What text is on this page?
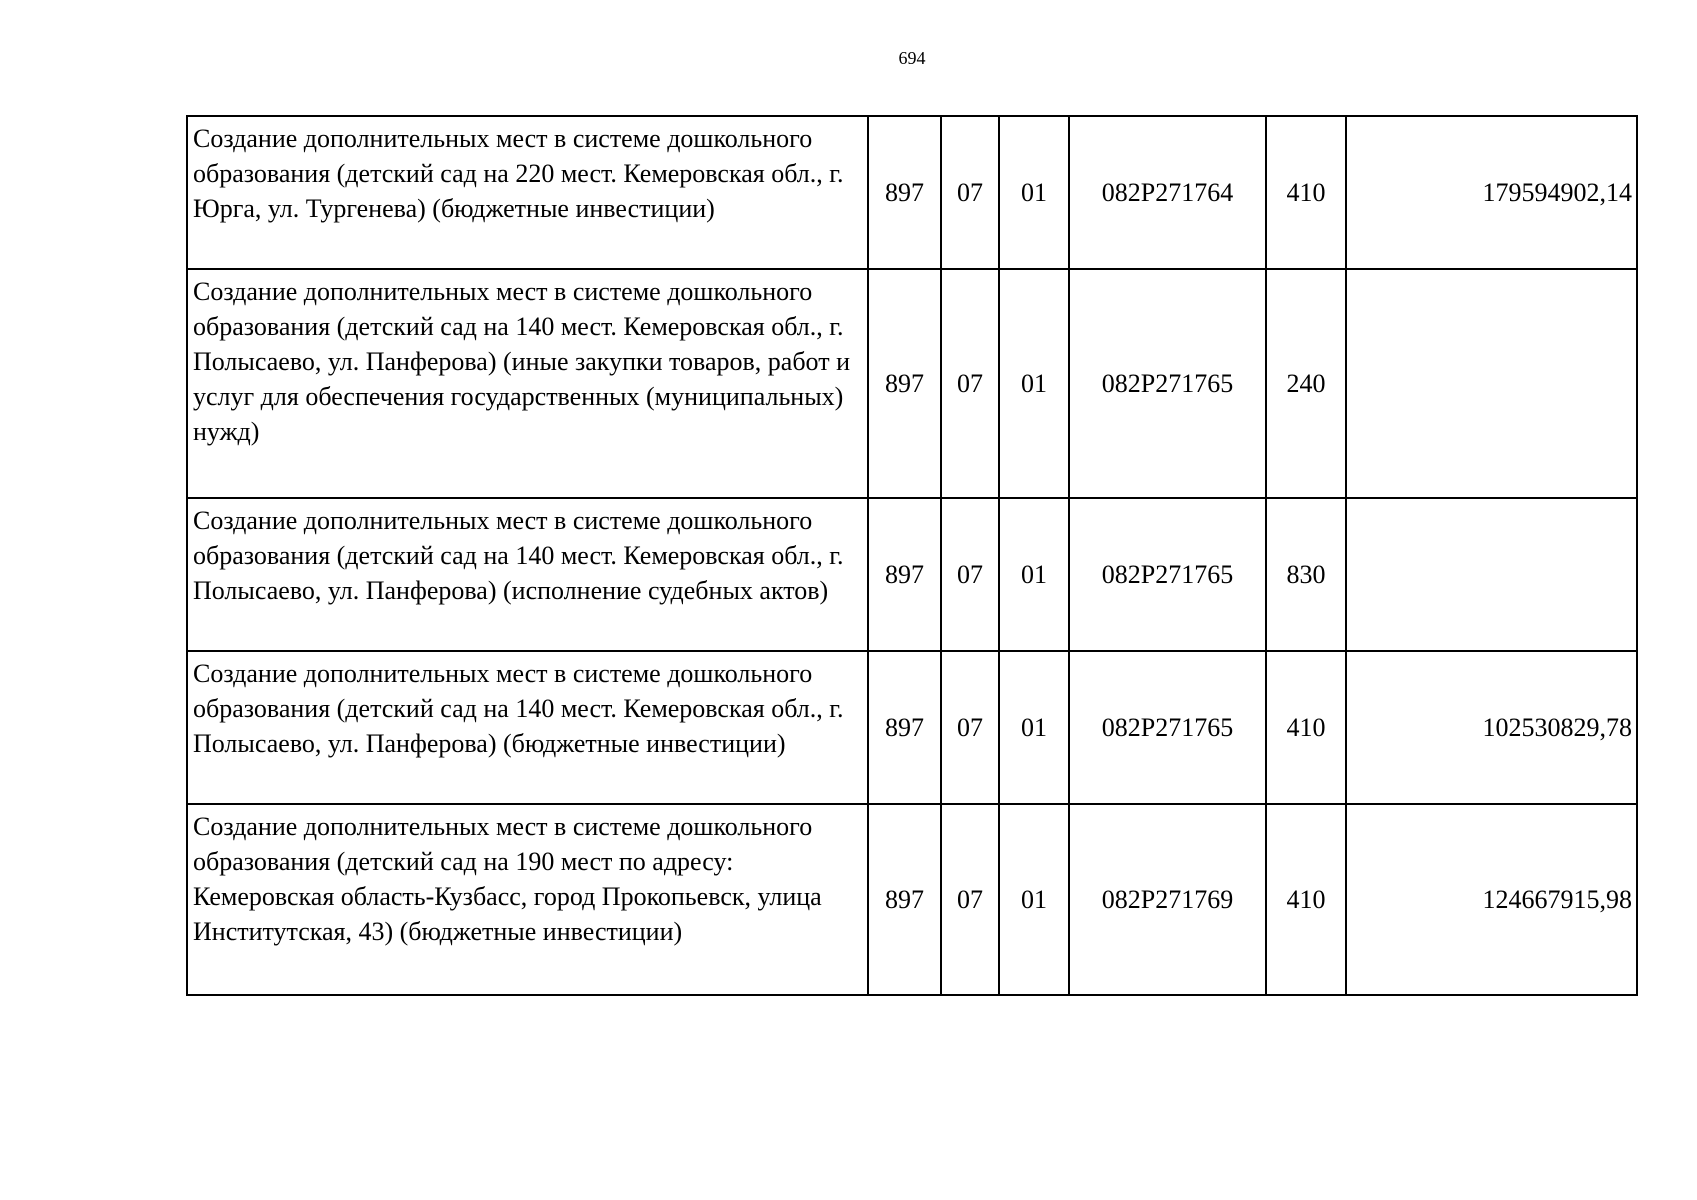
694
Создание дополнительных мест в системе дошкольного образования (детский сад на 220 мест. Кемеровская обл., г. Юрга, ул. Тургенева) (бюджетные инвестиции)	897	07	01	082P271764	410	179594902,14
Создание дополнительных мест в системе дошкольного образования (детский сад на 140 мест. Кемеровская обл., г. Полысаево, ул. Панферова) (иные закупки товаров, работ и услуг для обеспечения государственных (муниципальных) нужд)	897	07	01	082P271765	240	
Создание дополнительных мест в системе дошкольного образования (детский сад на 140 мест. Кемеровская обл., г. Полысаево, ул. Панферова) (исполнение судебных актов)	897	07	01	082P271765	830	
Создание дополнительных мест в системе дошкольного образования (детский сад на 140 мест. Кемеровская обл., г. Полысаево, ул. Панферова) (бюджетные инвестиции)	897	07	01	082P271765	410	102530829,78
Создание дополнительных мест в системе дошкольного образования (детский сад на 190 мест по адресу: Кемеровская область-Кузбасс, город Прокопьевск, улица Институтская, 43) (бюджетные инвестиции)	897	07	01	082P271769	410	124667915,98
